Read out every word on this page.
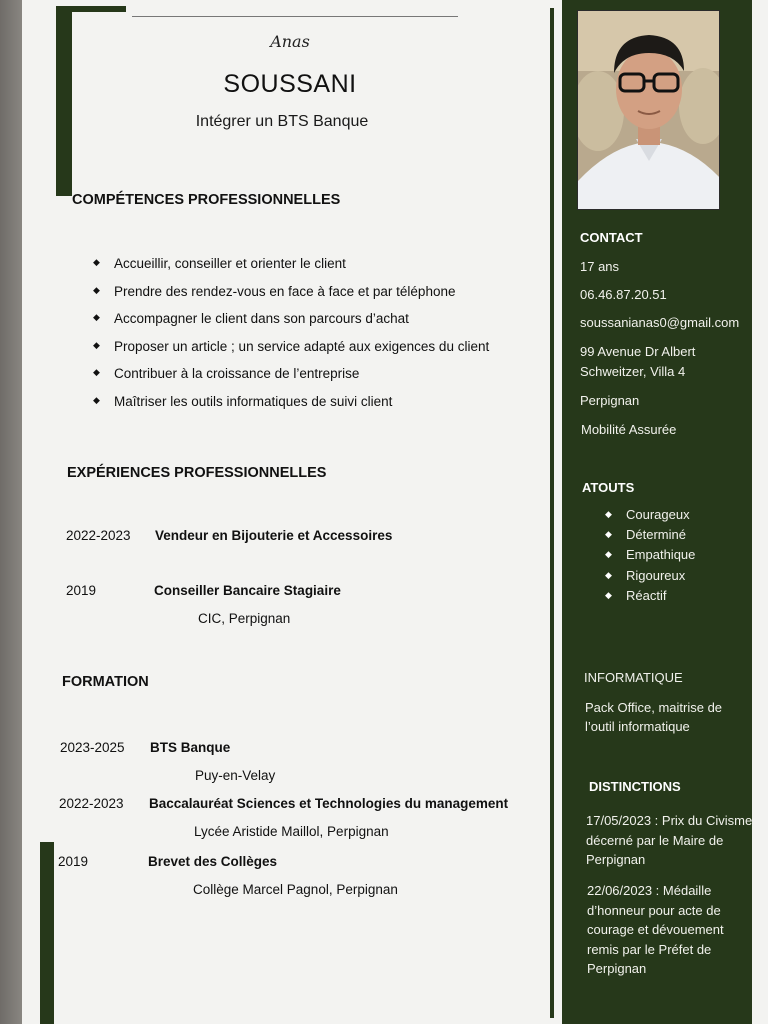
Anas
SOUSSANI
Intégrer un BTS Banque
COMPÉTENCES PROFESSIONNELLES
◆ Accueillir, conseiller et orienter le client
◆ Prendre des rendez-vous en face à face et par téléphone
◆ Accompagner le client dans son parcours d’achat
◆ Proposer un article ; un service adapté aux exigences du client
◆ Contribuer à la croissance de l’entreprise
◆ Maîtriser les outils informatiques de suivi client
EXPÉRIENCES PROFESSIONNELLES
2022-2023 Vendeur en Bijouterie et Accessoires
2019	Conseiller Bancaire Stagiaire
CIC, Perpignan
FORMATION
2023-2025 BTS Banque
Puy-en-Velay
2022-2023 Baccalauréat Sciences et Technologies du management
Lycée Aristide Maillol, Perpignan
2019	Brevet des Collèges
Collège Marcel Pagnol, Perpignan
CONTACT
17 ans
06.46.87.20.51
soussanianas0@gmail.com
99 Avenue Dr Albert
Schweitzer, Villa 4
Perpignan
Mobilité Assurée
ATOUTS
◆ Courageux
◆ Déterminé
◆ Empathique
◆ Rigoureux
◆ Réactif
INFORMATIQUE
Pack Office, maitrise de
l’outil informatique
DISTINCTIONS
17/05/2023 : Prix du Civisme
décerné par le Maire de
Perpignan
22/06/2023 : Médaille
d’honneur pour acte de
courage et dévouement
remis par le Préfet de
Perpignan
